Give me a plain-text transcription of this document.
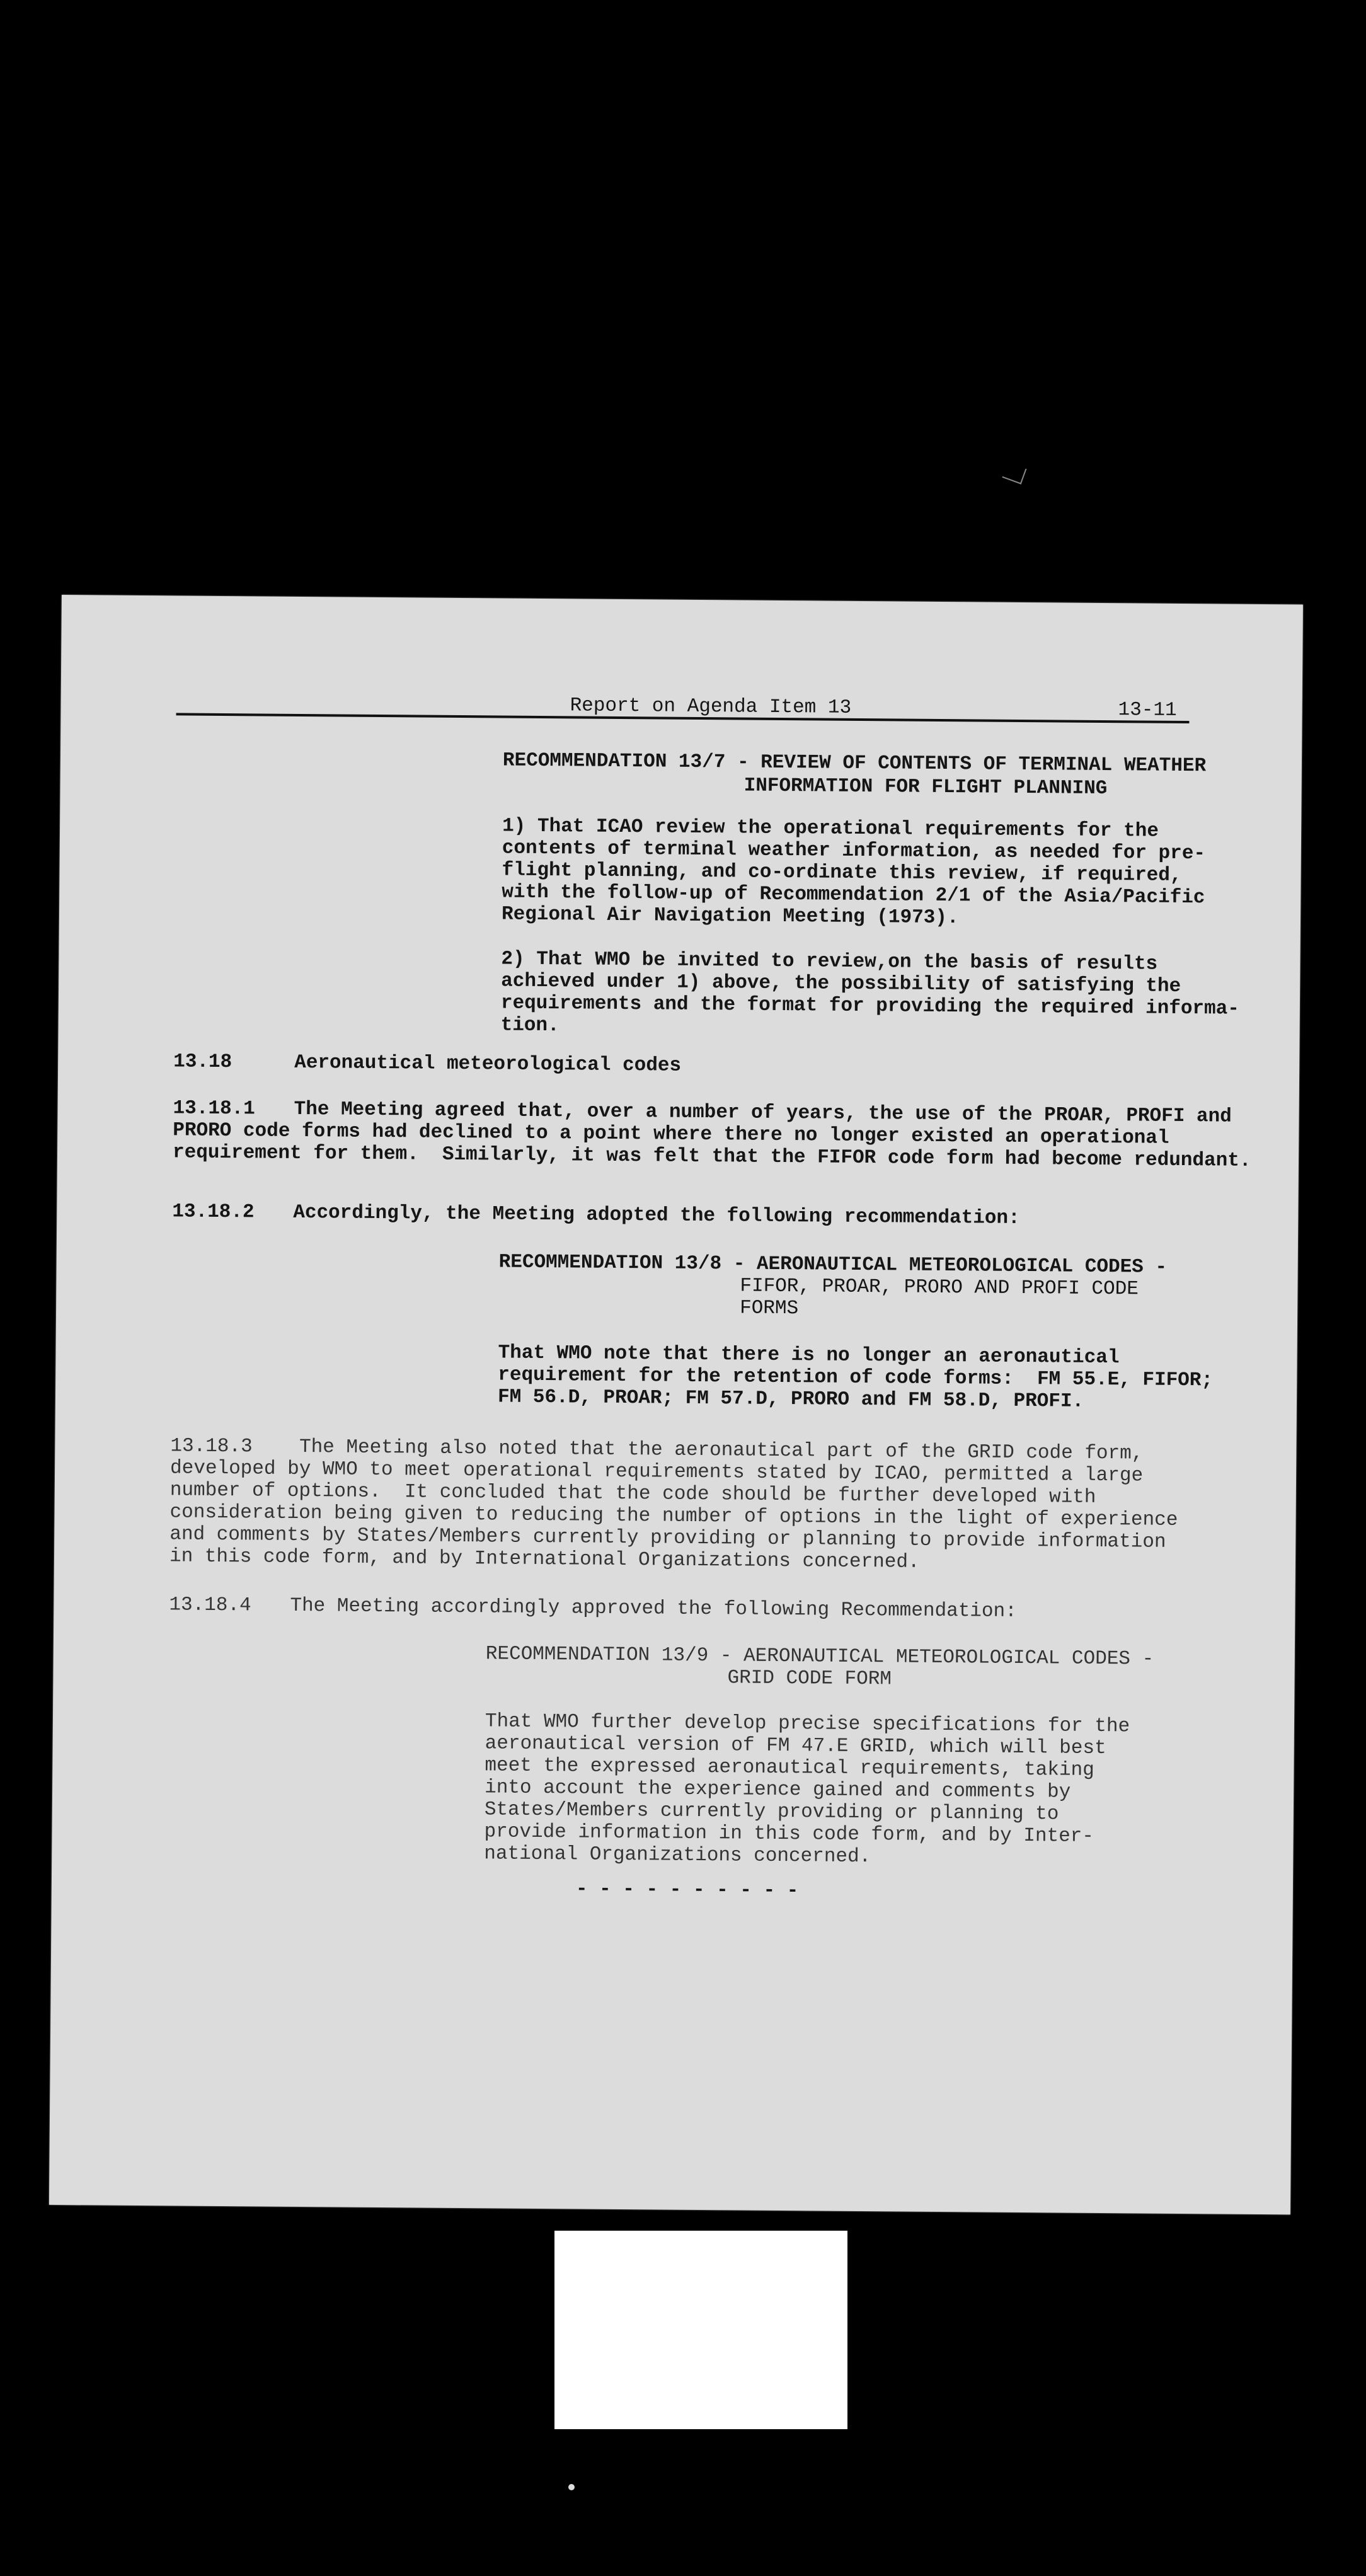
Report on Agenda Item 13	13-11

RECOMMENDATION 13/7 - REVIEW OF CONTENTS OF TERMINAL WEATHER

INFORMATION FOR FLIGHT PLANNING

1) That ICAO review the operational requirements for the

contents of terminal weather information, as needed for pre-

flight planning, and co-ordinate this review, if required,

with the follow-up of Recommendation 2/1 of the Asia/Pacific

Regional Air Navigation Meeting (1973).

2) That WMO be invited to review,on the basis of results

achieved under 1) above, the possibility of satisfying the

requirements and the format for providing the required informa-

tion.

13.18	Aeronautical meteorological codes

13.18.1 The Meeting agreed that, over a number of years, the use of the PROAR, PROFI and

PRORO code forms had declined to a point where there no longer existed an operational

requirement for them.  Similarly, it was felt that the FIFOR code form had become redundant.

13.18.2 Accordingly, the Meeting adopted the following recommendation:

RECOMMENDATION 13/8 - AERONAUTICAL METEOROLOGICAL CODES -

FIFOR, PROAR, PRORO AND PROFI CODE

FORMS

That WMO note that there is no longer an aeronautical

requirement for the retention of code forms:  FM 55.E, FIFOR;

FM 56.D, PROAR; FM 57.D, PRORO and FM 58.D, PROFI.

13.18.3    The Meeting also noted that the aeronautical part of the GRID code form,

developed by WMO to meet operational requirements stated by ICAO, permitted a large

number of options.  It concluded that the code should be further developed with

consideration being given to reducing the number of options in the light of experience

and comments by States/Members currently providing or planning to provide information

in this code form, and by International Organizations concerned.

13.18.4 The Meeting accordingly approved the following Recommendation:

RECOMMENDATION 13/9 - AERONAUTICAL METEOROLOGICAL CODES -

GRID CODE FORM

That WMO further develop precise specifications for the

aeronautical version of FM 47.E GRID, which will best

meet the expressed aeronautical requirements, taking

into account the experience gained and comments by

States/Members currently providing or planning to

provide information in this code form, and by Inter-

national Organizations concerned.

- - - - - - - - - -
